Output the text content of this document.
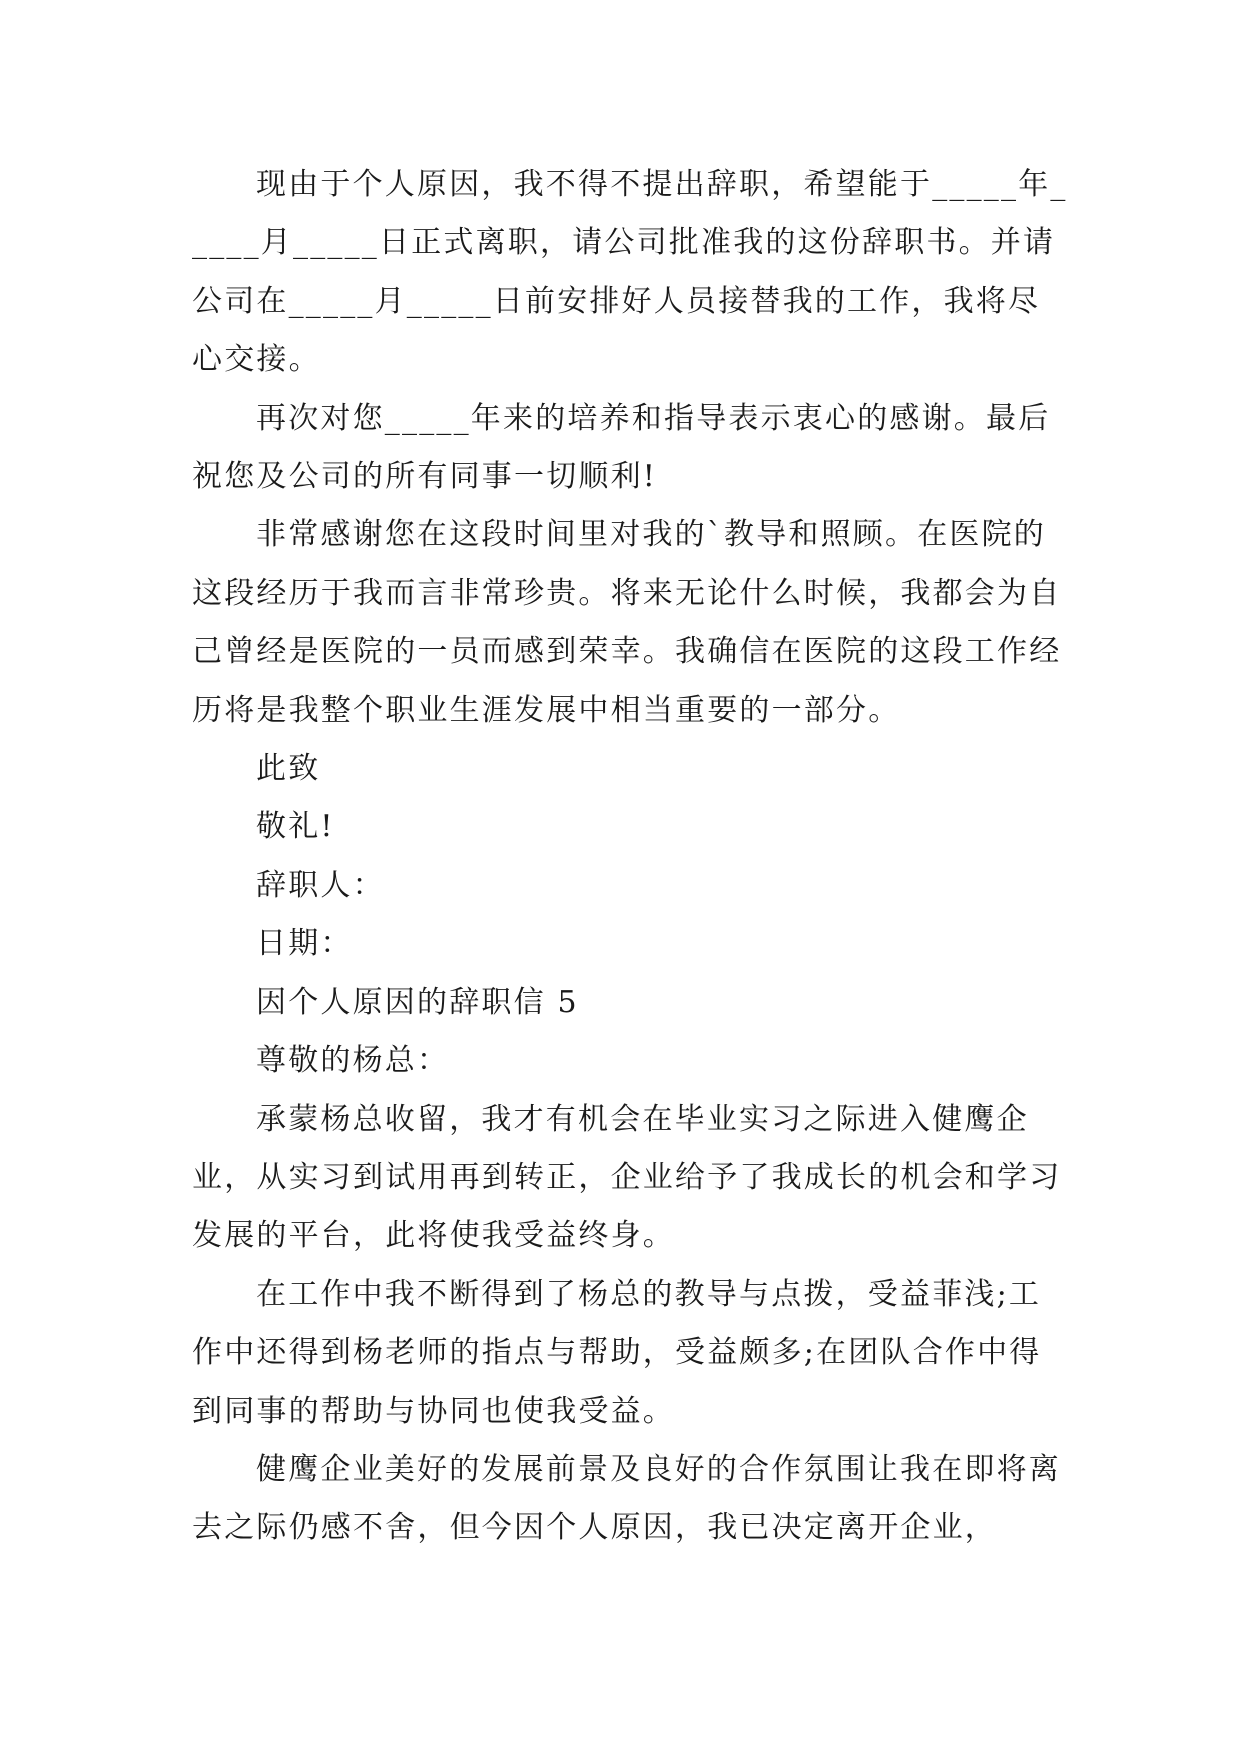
现由于个人原因，我不得不提出辞职，希望能于_____年_____月_____日正式离职，请公司批准我的这份辞职书。并请公司在_____月_____日前安排好人员接替我的工作，我将尽心交接。

再次对您_____年来的培养和指导表示衷心的感谢。最后祝您及公司的所有同事一切顺利!

非常感谢您在这段时间里对我的`教导和照顾。在医院的这段经历于我而言非常珍贵。将来无论什么时候，我都会为自己曾经是医院的一员而感到荣幸。我确信在医院的这段工作经历将是我整个职业生涯发展中相当重要的一部分。

此致

敬礼!

辞职人：

日期：

因个人原因的辞职信 5

尊敬的杨总：

承蒙杨总收留，我才有机会在毕业实习之际进入健鹰企业，从实习到试用再到转正，企业给予了我成长的机会和学习发展的平台，此将使我受益终身。

在工作中我不断得到了杨总的教导与点拨，受益菲浅;工作中还得到杨老师的指点与帮助，受益颇多;在团队合作中得到同事的帮助与协同也使我受益。

健鹰企业美好的发展前景及良好的合作氛围让我在即将离去之际仍感不舍，但今因个人原因，我已决定离开企业，
